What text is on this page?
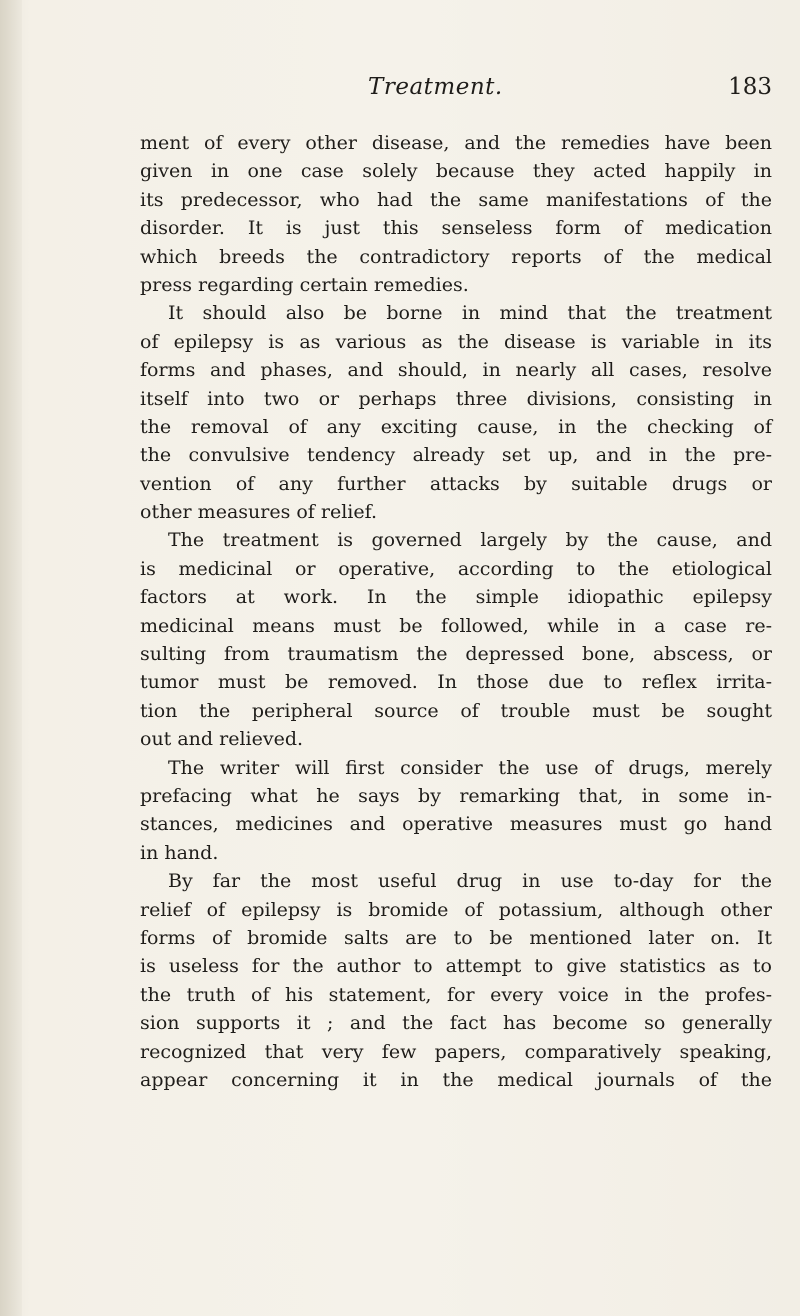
Treatment.	183
ment of every other disease, and the remedies have been
given in one case solely because they acted happily in
its predecessor, who had the same manifestations of the
disorder. It is just this senseless form of medication
which breeds the contradictory reports of the medical
press regarding certain remedies.
It should also be borne in mind that the treatment
of epilepsy is as various as the disease is variable in its
forms and phases, and should, in nearly all cases, resolve
itself into two or perhaps three divisions, consisting in
the removal of any exciting cause, in the checking of
the convulsive tendency already set up, and in the pre-
vention of any further attacks by suitable drugs or
other measures of relief.
The treatment is governed largely by the cause, and
is medicinal or operative, according to the etiological
factors at work. In the simple idiopathic epilepsy
medicinal means must be followed, while in a case re-
sulting from traumatism the depressed bone, abscess, or
tumor must be removed. In those due to reflex irrita-
tion the peripheral source of trouble must be sought
out and relieved.
The writer will first consider the use of drugs, merely
prefacing what he says by remarking that, in some in-
stances, medicines and operative measures must go hand
in hand.
By far the most useful drug in use to-day for the
relief of epilepsy is bromide of potassium, although other
forms of bromide salts are to be mentioned later on. It
is useless for the author to attempt to give statistics as to
the truth of his statement, for every voice in the profes-
sion supports it ; and the fact has become so generally
recognized that very few papers, comparatively speaking,
appear concerning it in the medical journals of the
